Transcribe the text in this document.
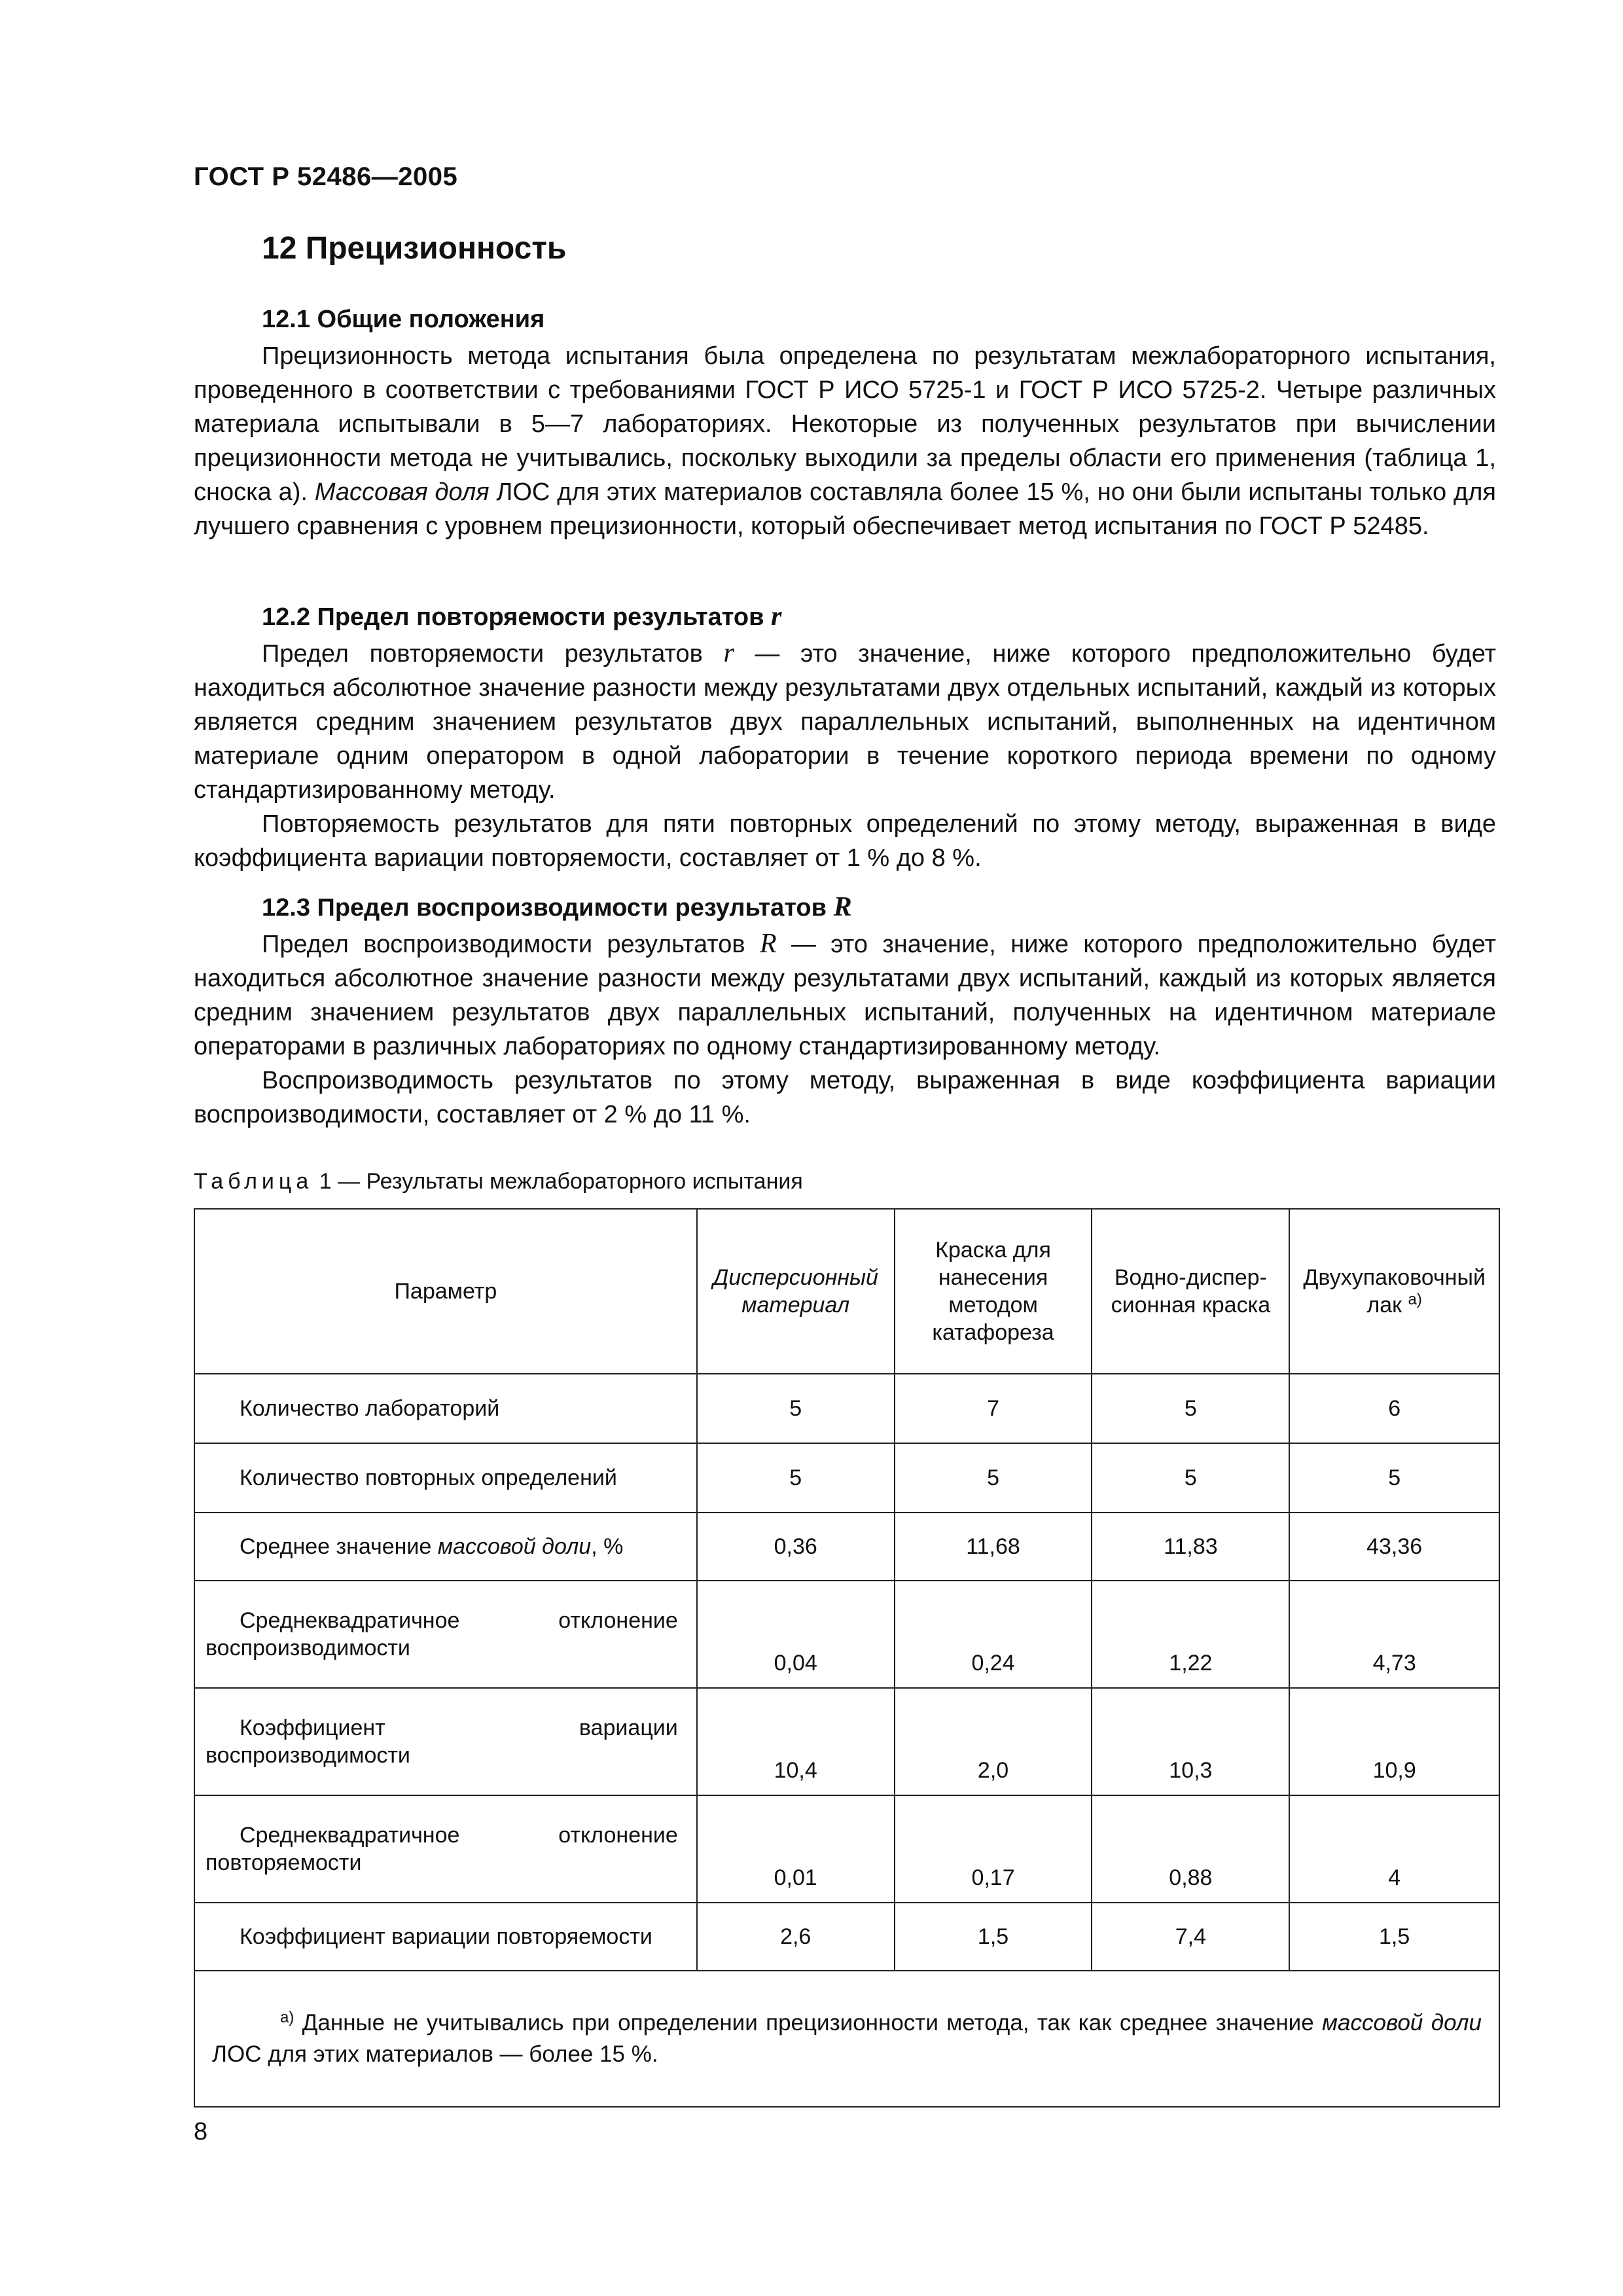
ГОСТ Р 52486—2005
12 Прецизионность

12.1 Общие положения

Прецизионность метода испытания была определена по результатам межлабораторного испытания, проведенного в соответствии с требованиями ГОСТ Р ИСО 5725-1 и ГОСТ Р ИСО 5725-2. Четыре различных материала испытывали в 5—7 лабораториях. Некоторые из полученных результатов при вычислении прецизионности метода не учитывались, поскольку выходили за пределы области его применения (таблица 1, сноска а). Массовая доля ЛОС для этих материалов составляла более 15 %, но они были испытаны только для лучшего сравнения с уровнем прецизионности, который обеспечивает метод испытания по ГОСТ Р 52485.

12.2 Предел повторяемости результатов r

Предел повторяемости результатов r — это значение, ниже которого предположительно будет находиться абсолютное значение разности между результатами двух отдельных испытаний, каждый из которых является средним значением результатов двух параллельных испытаний, выполненных на идентичном материале одним оператором в одной лаборатории в течение короткого периода времени по одному стандартизированному методу.

Повторяемость результатов для пяти повторных определений по этому методу, выраженная в виде коэффициента вариации повторяемости, составляет от 1 % до 8 %.

12.3 Предел воспроизводимости результатов R

Предел воспроизводимости результатов R — это значение, ниже которого предположительно будет находиться абсолютное значение разности между результатами двух испытаний, каждый из которых является средним значением результатов двух параллельных испытаний, полученных на идентичном материале операторами в различных лабораториях по одному стандартизированному методу.

Воспроизводимость результатов по этому методу, выраженная в виде коэффициента вариации воспроизводимости, составляет от 2 % до 11 %.

Таблица 1 — Результаты межлабораторного испытания
Параметр	Дисперсионный материал	Краска для нанесения методом катафореза	Водно-диспер-сионная краска	Двухупаковочный лак $^{а)}$
Количество лабораторий	5	7	5	6
Количество повторных определений	5	5	5	5
Среднее значение массовой доли, %	0,36	11,68	11,83	43,36
Среднеквадратичное отклонение воспроизводимости	0,04	0,24	1,22	4,73
Коэффициент вариации воспроизводимости	10,4	2,0	10,3	10,9
Среднеквадратичное отклонение повторяемости	0,01	0,17	0,88	4
Коэффициент вариации повторяемости	2,6	1,5	7,4	1,5

$^{а)}$ Данные не учитывались при определении прецизионности метода, так как среднее значение массовой доли ЛОС для этих материалов — более 15 %.				

8
